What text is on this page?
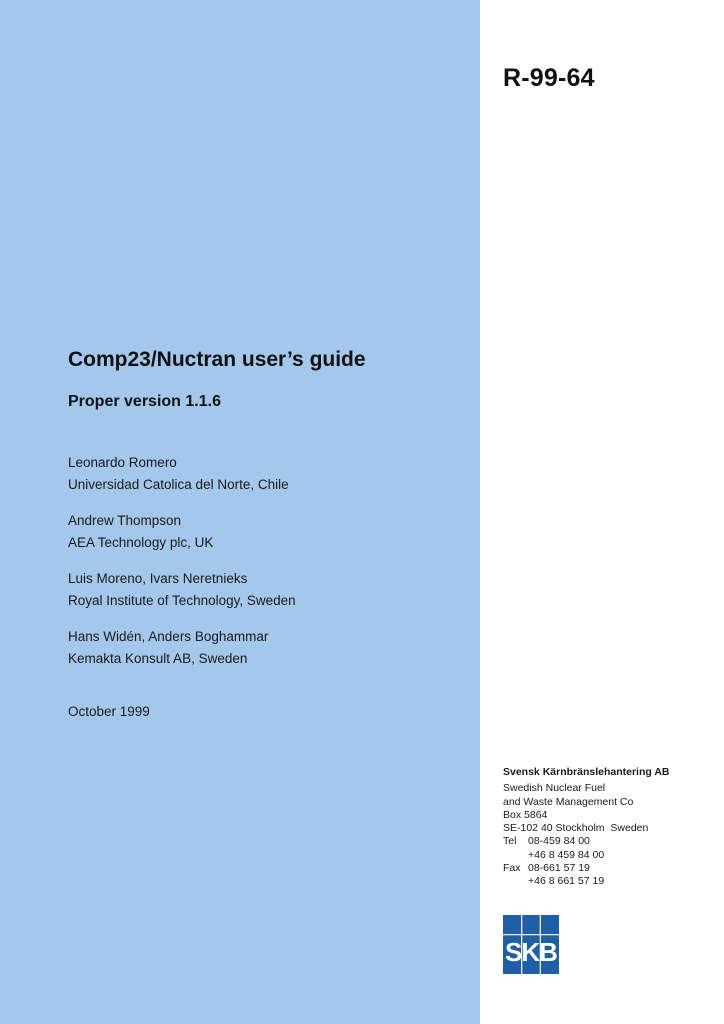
R-99-64
Comp23/Nuctran user’s guide
Proper version 1.1.6
Leonardo Romero
Universidad Catolica del Norte, Chile
Andrew Thompson
AEA Technology plc, UK
Luis Moreno, Ivars Neretnieks
Royal Institute of Technology, Sweden
Hans Widén, Anders Boghammar
Kemakta Konsult AB, Sweden
October 1999
Svensk Kärnbränslehantering AB
Swedish Nuclear Fuel
and Waste Management Co
Box 5864
SE-102 40 Stockholm  Sweden
Tel	08-459 84 00
+46 8 459 84 00
Fax 08-661 57 19
+46 8 661 57 19
SKB
